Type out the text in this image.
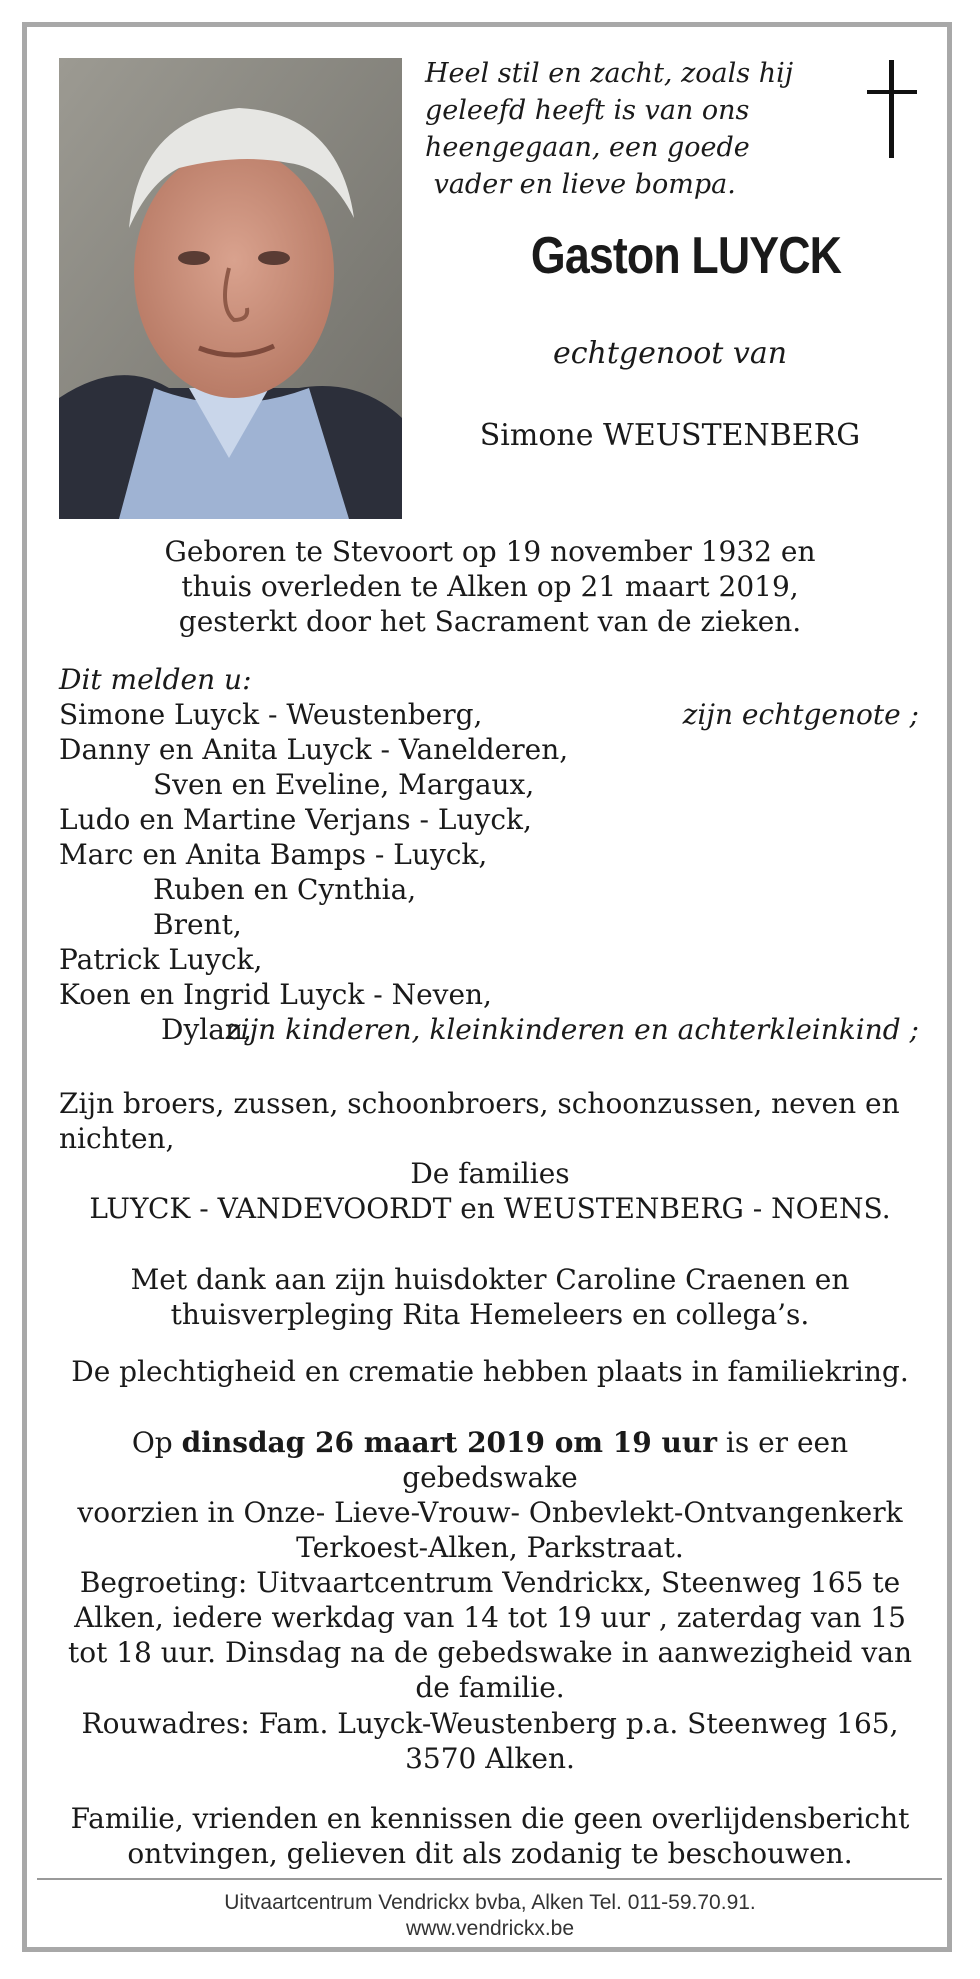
Heel stil en zacht, zoals hij
geleefd heeft is van ons
heengegaan, een goede
vader en lieve bompa.
Gaston LUYCK
echtgenoot van
Simone WEUSTENBERG
Geboren te Stevoort op 19 november 1932 en
thuis overleden te Alken op 21 maart 2019,
gesterkt door het Sacrament van de zieken.
Dit melden u:
Simone Luyck - Weustenberg,	zijn echtgenote ;
Danny en Anita Luyck - Vanelderen,
Sven en Eveline, Margaux,
Ludo en Martine Verjans - Luyck,
Marc en Anita Bamps - Luyck,
Ruben en Cynthia,
Brent,
Patrick Luyck,
Koen en Ingrid Luyck - Neven,
Dylan,
zijn kinderen, kleinkinderen en achterkleinkind ;
Zijn broers, zussen, schoonbroers, schoonzussen, neven en
nichten,
De families
LUYCK - VANDEVOORDT en WEUSTENBERG - NOENS.
Met dank aan zijn huisdokter Caroline Craenen en
thuisverpleging Rita Hemeleers en collega’s.
De plechtigheid en crematie hebben plaats in familiekring.
Op dinsdag 26 maart 2019 om 19 uur is er een gebedswake
voorzien in Onze- Lieve-Vrouw- Onbevlekt-Ontvangenkerk
Terkoest-Alken, Parkstraat.
Begroeting: Uitvaartcentrum Vendrickx, Steenweg 165 te
Alken, iedere werkdag van 14 tot 19 uur , zaterdag van 15
tot 18 uur. Dinsdag na de gebedswake in aanwezigheid van
de familie.
Rouwadres: Fam. Luyck-Weustenberg p.a. Steenweg 165,
3570 Alken.
Familie, vrienden en kennissen die geen overlijdensbericht
ontvingen, gelieven dit als zodanig te beschouwen.
Uitvaartcentrum Vendrickx bvba, Alken Tel. 011-59.70.91.
www.vendrickx.be
